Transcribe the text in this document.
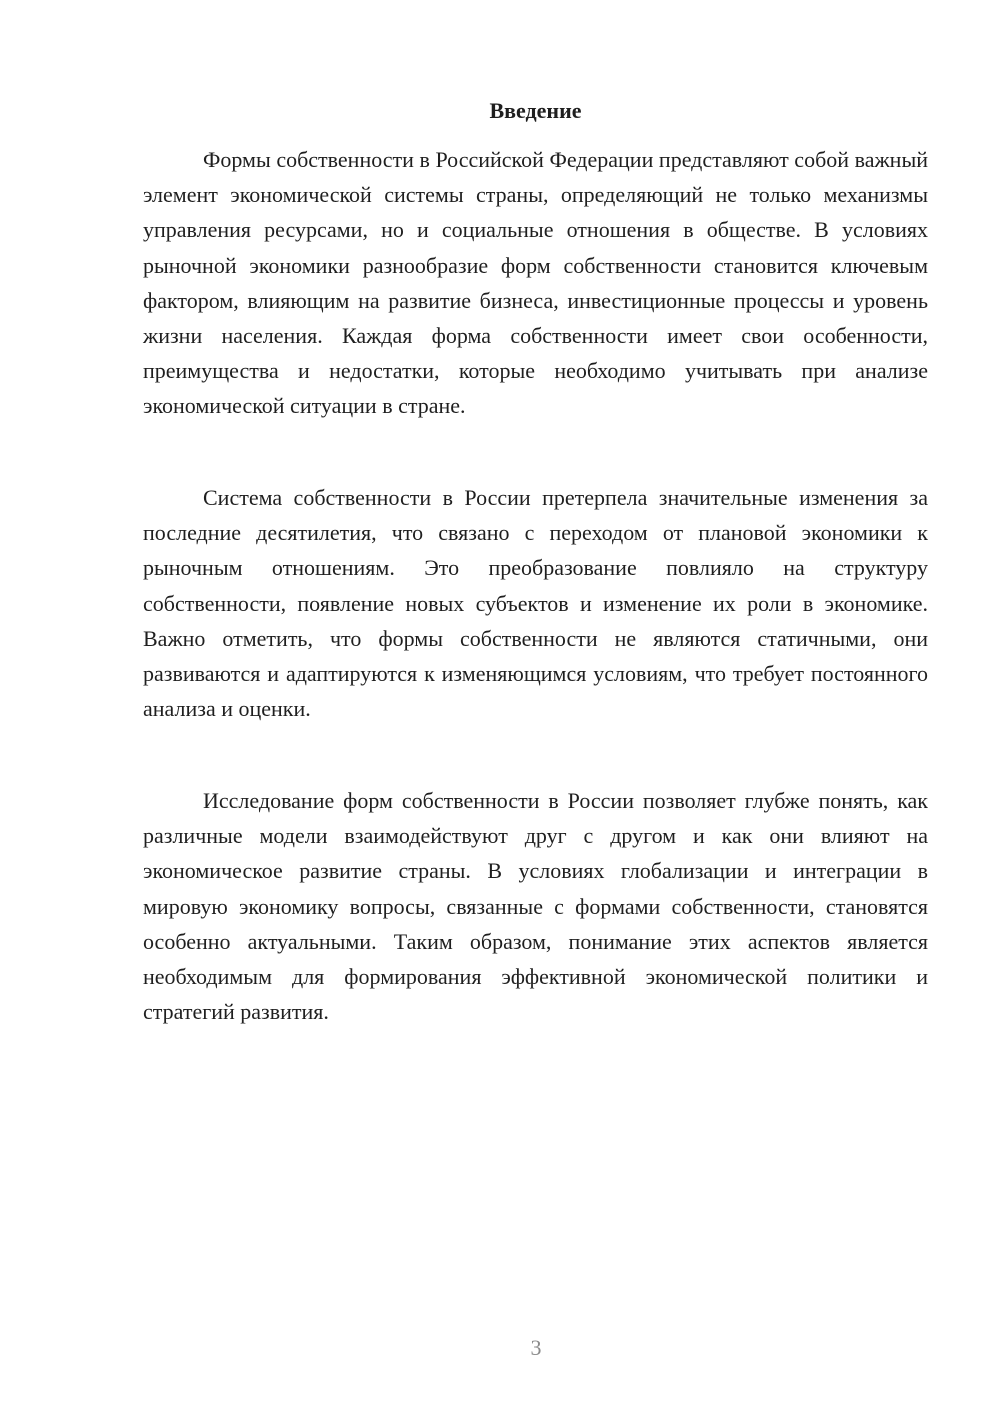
Введение

Формы собственности в Российской Федерации представляют собой важный элемент экономической системы страны, определяющий не только механизмы управления ресурсами, но и социальные отношения в обществе. В условиях рыночной экономики разнообразие форм собственности становится ключевым фактором, влияющим на развитие бизнеса, инвестиционные процессы и уровень жизни населения. Каждая форма собственности имеет свои особенности, преимущества и недостатки, которые необходимо учитывать при анализе экономической ситуации в стране.

Система собственности в России претерпела значительные изменения за последние десятилетия, что связано с переходом от плановой экономики к рыночным отношениям. Это преобразование повлияло на структуру собственности, появление новых субъектов и изменение их роли в экономике. Важно отметить, что формы собственности не являются статичными, они развиваются и адаптируются к изменяющимся условиям, что требует постоянного анализа и оценки.

Исследование форм собственности в России позволяет глубже понять, как различные модели взаимодействуют друг с другом и как они влияют на экономическое развитие страны. В условиях глобализации и интеграции в мировую экономику вопросы, связанные с формами собственности, становятся особенно актуальными. Таким образом, понимание этих аспектов является необходимым для формирования эффективной экономической политики и стратегий развития.

3
